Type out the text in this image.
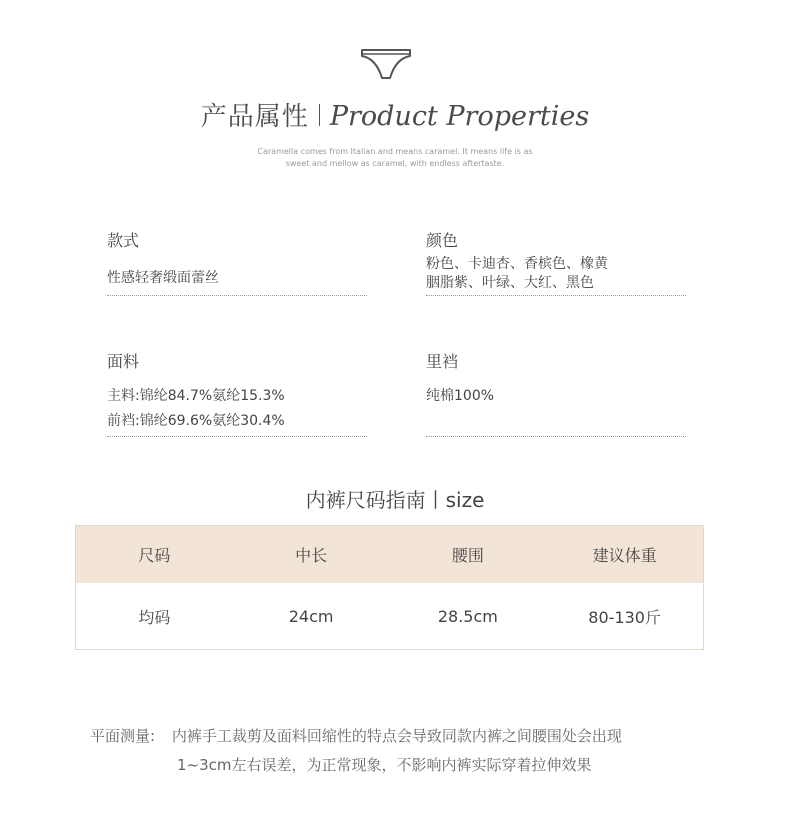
产品属性 Product Properties
Caramella comes from Italian and means caramel. It means life is as
sweet and mellow as caramel, with endless aftertaste.
款式
性感轻奢缎面蕾丝
颜色
粉色、卡迪杏、香槟色、橡黄
胭脂紫、叶绿、大红、黑色
面料
主料:锦纶84.7%氨纶15.3%
前裆:锦纶69.6%氨纶30.4%
里裆
纯棉100%
内裤尺码指南丨size
尺码	中长	腰围	建议体重
均码	24cm	28.5cm	80-130斤
平面测量: 内裤手工裁剪及面料回缩性的特点会导致同款内裤之间腰围处会出现
1~3cm左右误差，为正常现象，不影响内裤实际穿着拉伸效果
